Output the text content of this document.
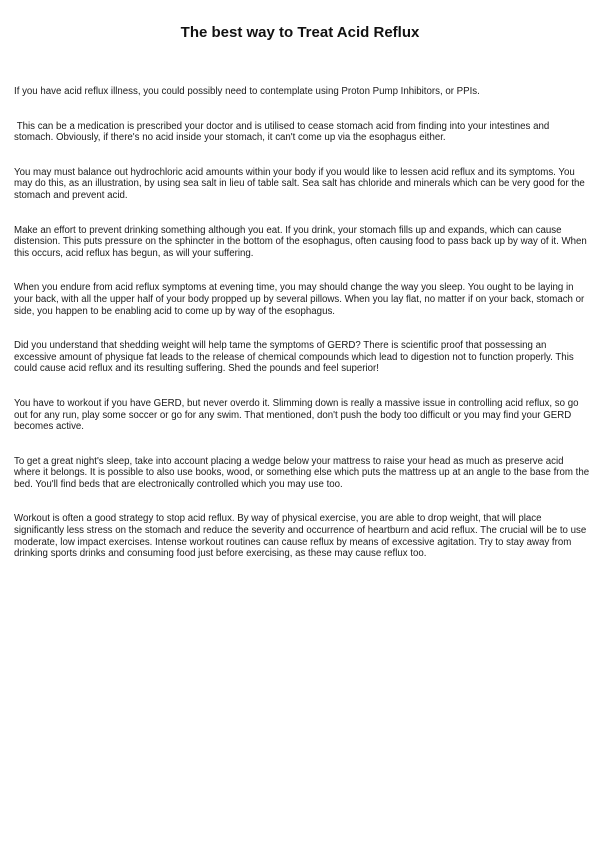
The best way to Treat Acid Reflux

If you have acid reflux illness, you could possibly need to contemplate using Proton Pump Inhibitors, or PPIs.

This can be a medication is prescribed your doctor and is utilised to cease stomach acid from finding into your intestines and stomach. Obviously, if there's no acid inside your stomach, it can't come up via the esophagus either.

You may must balance out hydrochloric acid amounts within your body if you would like to lessen acid reflux and its symptoms. You may do this, as an illustration, by using sea salt in lieu of table salt. Sea salt has chloride and minerals which can be very good for the stomach and prevent acid.

Make an effort to prevent drinking something although you eat. If you drink, your stomach fills up and expands, which can cause distension. This puts pressure on the sphincter in the bottom of the esophagus, often causing food to pass back up by way of it. When this occurs, acid reflux has begun, as will your suffering.

When you endure from acid reflux symptoms at evening time, you may should change the way you sleep. You ought to be laying in your back, with all the upper half of your body propped up by several pillows. When you lay flat, no matter if on your back, stomach or side, you happen to be enabling acid to come up by way of the esophagus.

Did you understand that shedding weight will help tame the symptoms of GERD? There is scientific proof that possessing an excessive amount of physique fat leads to the release of chemical compounds which lead to digestion not to function properly. This could cause acid reflux and its resulting suffering. Shed the pounds and feel superior!

You have to workout if you have GERD, but never overdo it. Slimming down is really a massive issue in controlling acid reflux, so go out for any run, play some soccer or go for any swim. That mentioned, don't push the body too difficult or you may find your GERD becomes active.

To get a great night's sleep, take into account placing a wedge below your mattress to raise your head as much as preserve acid where it belongs. It is possible to also use books, wood, or something else which puts the mattress up at an angle to the base from the bed. You'll find beds that are electronically controlled which you may use too.

Workout is often a good strategy to stop acid reflux. By way of physical exercise, you are able to drop weight, that will place significantly less stress on the stomach and reduce the severity and occurrence of heartburn and acid reflux. The crucial will be to use moderate, low impact exercises. Intense workout routines can cause reflux by means of excessive agitation. Try to stay away from drinking sports drinks and consuming food just before exercising, as these may cause reflux too.
